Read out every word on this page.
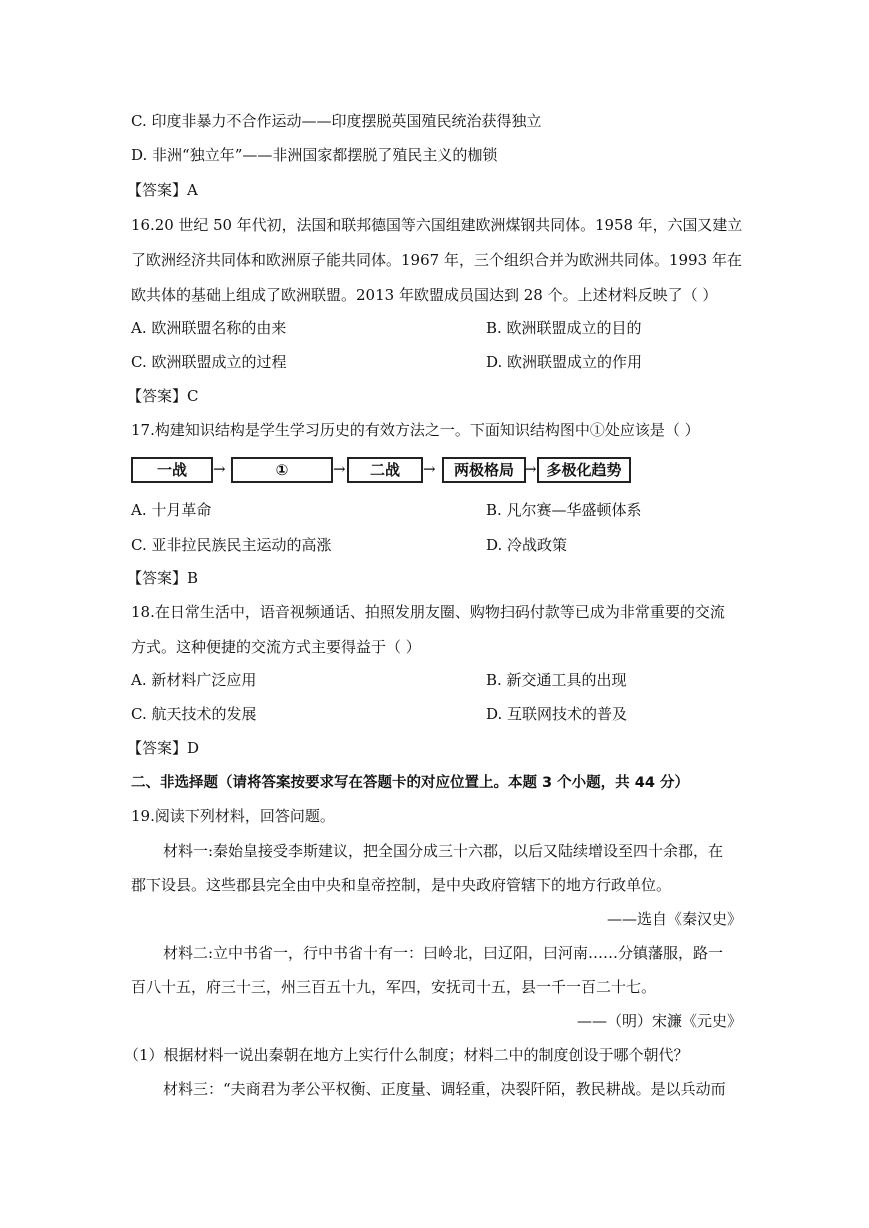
C. 印度非暴力不合作运动——印度摆脱英国殖民统治获得独立
D. 非洲“独立年”——非洲国家都摆脱了殖民主义的枷锁
【答案】A
16.20 世纪 50 年代初，法国和联邦德国等六国组建欧洲煤钢共同体。1958 年，六国又建立
了欧洲经济共同体和欧洲原子能共同体。1967 年，三个组织合并为欧洲共同体。1993 年在
欧共体的基础上组成了欧洲联盟。2013 年欧盟成员国达到 28 个。上述材料反映了（ ）
A. 欧洲联盟名称的由来	B. 欧洲联盟成立的目的
C. 欧洲联盟成立的过程	D. 欧洲联盟成立的作用
【答案】C
17.构建知识结构是学生学习历史的有效方法之一。下面知识结构图中①处应该是（ ）
一战	→	①	→	二战	→	两极格局 → 多极化趋势
A. 十月革命	B. 凡尔赛—华盛顿体系
C. 亚非拉民族民主运动的高涨	D. 冷战政策
【答案】B
18.在日常生活中，语音视频通话、拍照发朋友圈、购物扫码付款等已成为非常重要的交流
方式。这种便捷的交流方式主要得益于（ ）
A. 新材料广泛应用	B. 新交通工具的出现
C. 航天技术的发展	D. 互联网技术的普及
【答案】D
二、非选择题（请将答案按要求写在答题卡的对应位置上。本题 3 个小题，共 44 分）
19.阅读下列材料，回答问题。
材料一:秦始皇接受李斯建议，把全国分成三十六郡，以后又陆续增设至四十余郡，在
郡下设县。这些郡县完全由中央和皇帝控制，是中央政府管辖下的地方行政单位。
——选自《秦汉史》
材料二:立中书省一，行中书省十有一：曰岭北，曰辽阳，曰河南……分镇藩服，路一
百八十五，府三十三，州三百五十九，军四，安抚司十五，县一千一百二十七。
——（明）宋濂《元史》
（1）根据材料一说出秦朝在地方上实行什么制度；材料二中的制度创设于哪个朝代？
材料三：“夫商君为孝公平权衡、正度量、调轻重，决裂阡陌，教民耕战。是以兵动而
